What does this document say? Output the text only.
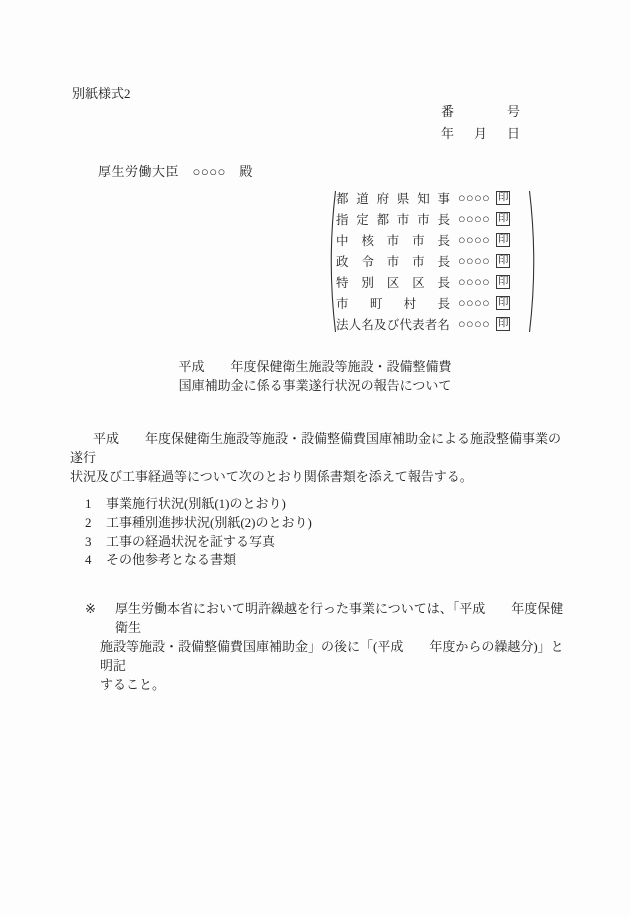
別紙様式2
番	号
年 月 日
厚生労働大臣　○○○○　殿
都 道 府 県 知 事 ○○○○ 印
指 定 都 市 市 長 ○○○○ 印
中 核 市 市 長 ○○○○ 印
政 令 市 市 長 ○○○○ 印
特 別 区 区 長 ○○○○ 印
市 町 村 長 ○○○○ 印
法 人 名 及 び 代 表 者 名 ○○○○ 印
平成　　年度保健衛生施設等施設・設備整備費
国庫補助金に係る事業遂行状況の報告について
平成　　年度保健衛生施設等施設・設備整備費国庫補助金による施設整備事業の遂行
状況及び工事経過等について次のとおり関係書類を添えて報告する。
1	事業施行状況(別紙(1)のとおり)
2	工事種別進捗状況(別紙(2)のとおり)
3	工事の経過状況を証する写真
4	その他参考となる書類
※	厚生労働本省において明許繰越を行った事業については、「平成　　年度保健衛生
施設等施設・設備整備費国庫補助金」の後に「(平成　　年度からの繰越分)」と明記
すること。
